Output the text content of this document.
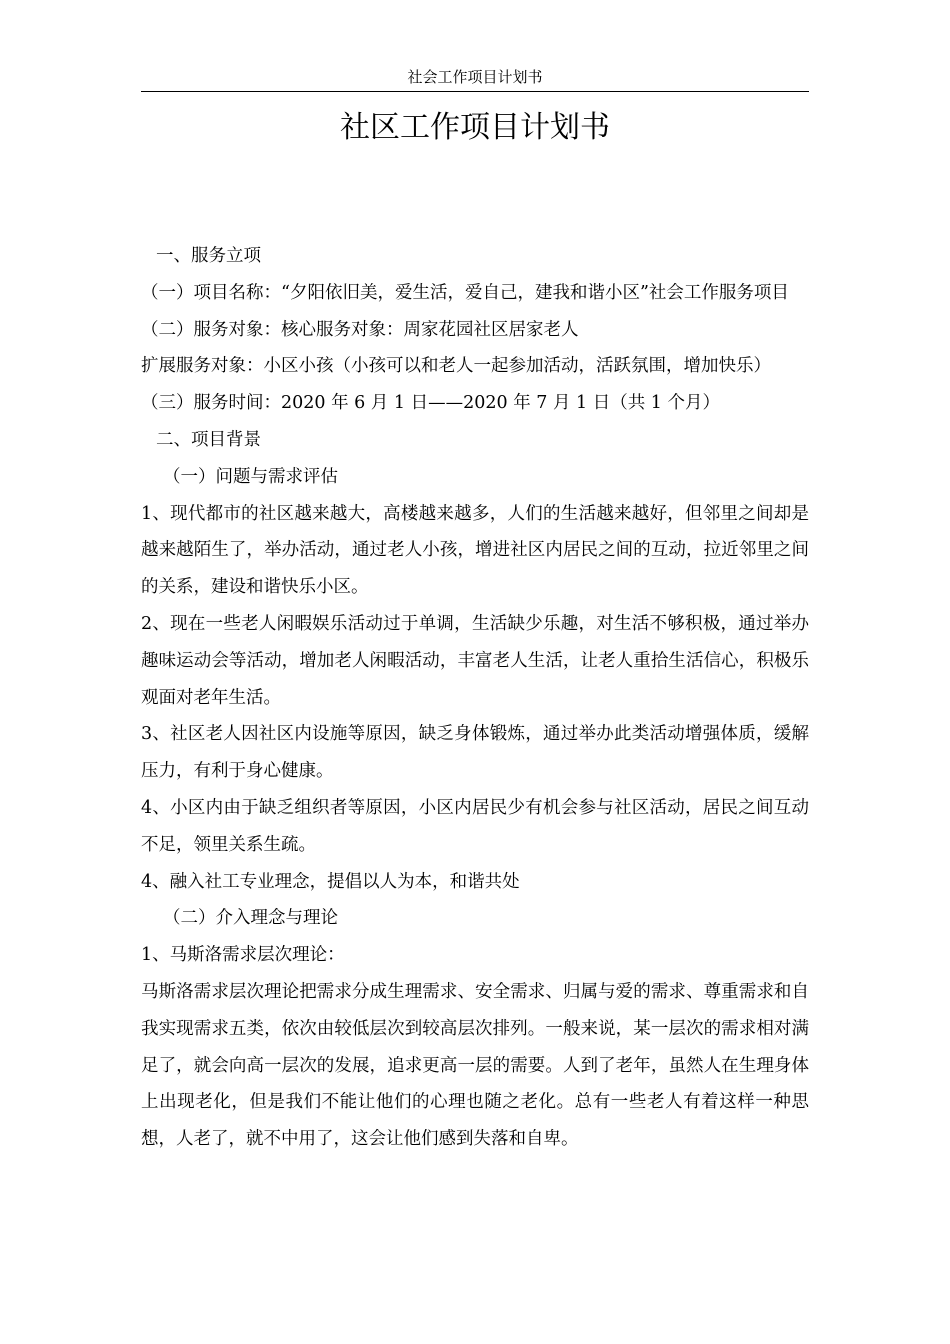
社会工作项目计划书
社区工作项目计划书

一、服务立项

（一）项目名称：“夕阳依旧美，爱生活，爱自己，建我和谐小区”社会工作服务项目

（二）服务对象：核心服务对象：周家花园社区居家老人

扩展服务对象：小区小孩（小孩可以和老人一起参加活动，活跃氛围，增加快乐）

（三）服务时间：2020 年 6 月 1 日——2020 年 7 月 1 日（共 1 个月）

二、项目背景

（一）问题与需求评估

1、现代都市的社区越来越大，高楼越来越多，人们的生活越来越好，但邻里之间却是越来越陌生了，举办活动，通过老人小孩，增进社区内居民之间的互动，拉近邻里之间的关系，建设和谐快乐小区。

2、现在一些老人闲暇娱乐活动过于单调，生活缺少乐趣，对生活不够积极，通过举办趣味运动会等活动，增加老人闲暇活动，丰富老人生活，让老人重拾生活信心，积极乐观面对老年生活。

3、社区老人因社区内设施等原因，缺乏身体锻炼，通过举办此类活动增强体质，缓解压力，有利于身心健康。

4、小区内由于缺乏组织者等原因，小区内居民少有机会参与社区活动，居民之间互动不足，领里关系生疏。

4、融入社工专业理念，提倡以人为本，和谐共处

（二）介入理念与理论

1、马斯洛需求层次理论：

马斯洛需求层次理论把需求分成生理需求、安全需求、归属与爱的需求、尊重需求和自我实现需求五类，依次由较低层次到较高层次排列。一般来说，某一层次的需求相对满足了，就会向高一层次的发展，追求更高一层的需要。人到了老年，虽然人在生理身体上出现老化，但是我们不能让他们的心理也随之老化。总有一些老人有着这样一种思想，人老了，就不中用了，这会让他们感到失落和自卑。
